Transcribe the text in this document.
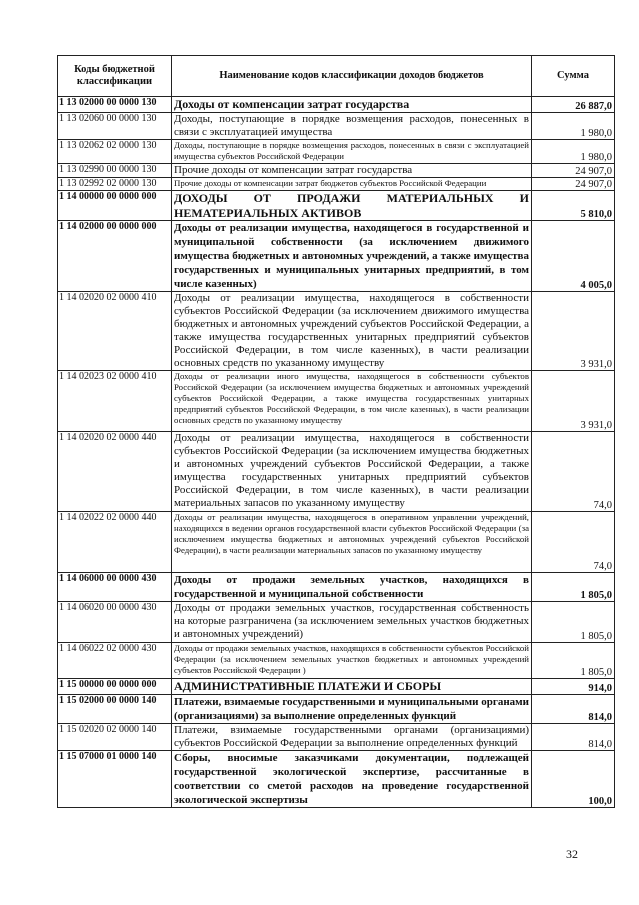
Коды бюджетной классификации	Наименование кодов классификации доходов бюджетов	Сумма
1 13 02000 00 0000 130	Доходы от компенсации затрат государства	26 887,0
1 13 02060 00 0000 130	Доходы, поступающие в порядке возмещения расходов, понесенных в связи с эксплуатацией имущества	1 980,0
1 13 02062 02 0000 130	Доходы, поступающие в порядке возмещения расходов, понесенных в связи с эксплуатацией имущества субъектов Российской Федерации	1 980,0
1 13 02990 00 0000 130	Прочие доходы от компенсации затрат государства	24 907,0
1 13 02992 02 0000 130	Прочие доходы от компенсации затрат бюджетов субъектов Российской Федерации	24 907,0
1 14 00000 00 0000 000	ДОХОДЫ ОТ ПРОДАЖИ МАТЕРИАЛЬНЫХ И НЕМАТЕРИАЛЬНЫХ АКТИВОВ	5 810,0
1 14 02000 00 0000 000	Доходы от реализации имущества, находящегося в государственной и муниципальной собственности (за исключением движимого имущества бюджетных и автономных учреждений, а также имущества государственных и муниципальных унитарных предприятий, в том числе казенных)	4 005,0
1 14 02020 02 0000 410	Доходы от реализации имущества, находящегося в собственности субъектов Российской Федерации (за исключением движимого имущества бюджетных и автономных учреждений субъектов Российской Федерации, а также имущества государственных унитарных предприятий субъектов Российской Федерации, в том числе казенных), в части реализации основных средств по указанному имуществу	3 931,0
1 14 02023 02 0000 410	Доходы от реализации иного имущества, находящегося в собственности субъектов Российской Федерации (за исключением имущества бюджетных и автономных учреждений субъектов Российской Федерации, а также имущества государственных унитарных предприятий субъектов Российской Федерации, в том числе казенных), в части реализации основных средств по указанному имуществу	3 931,0
1 14 02020 02 0000 440	Доходы от реализации имущества, находящегося в собственности субъектов Российской Федерации (за исключением имущества бюджетных и автономных учреждений субъектов Российской Федерации, а также имущества государственных унитарных предприятий субъектов Российской Федерации, в том числе казенных), в части реализации материальных запасов по указанному имуществу	74,0
1 14 02022 02 0000 440	Доходы от реализации имущества, находящегося в оперативном управлении учреждений, находящихся в ведении органов государственной власти субъектов Российской Федерации (за исключением имущества бюджетных и автономных учреждений субъектов Российской Федерации), в части реализации материальных запасов по указанному имуществу	74,0
1 14 06000 00 0000 430	Доходы от продажи земельных участков, находящихся в государственной и муниципальной собственности	1 805,0
1 14 06020 00 0000 430	Доходы от продажи земельных участков, государственная собственность на которые разграничена (за исключением земельных участков бюджетных и автономных учреждений)	1 805,0
1 14 06022 02 0000 430	Доходы от продажи земельных участков, находящихся в собственности субъектов Российской Федерации (за исключением земельных участков бюджетных и автономных учреждений субъектов Российской Федерации )	1 805,0
1 15 00000 00 0000 000	АДМИНИСТРАТИВНЫЕ ПЛАТЕЖИ И СБОРЫ	914,0
1 15 02000 00 0000 140	Платежи, взимаемые государственными и муниципальными органами (организациями) за выполнение определенных функций	814,0
1 15 02020 02 0000 140	Платежи, взимаемые государственными органами (организациями) субъектов Российской Федерации за выполнение определенных функций	814,0
1 15 07000 01 0000 140	Сборы, вносимые заказчиками документации, подлежащей государственной экологической экспертизе, рассчитанные в соответствии со сметой расходов на проведение государственной экологической экспертизы	100,0
32
